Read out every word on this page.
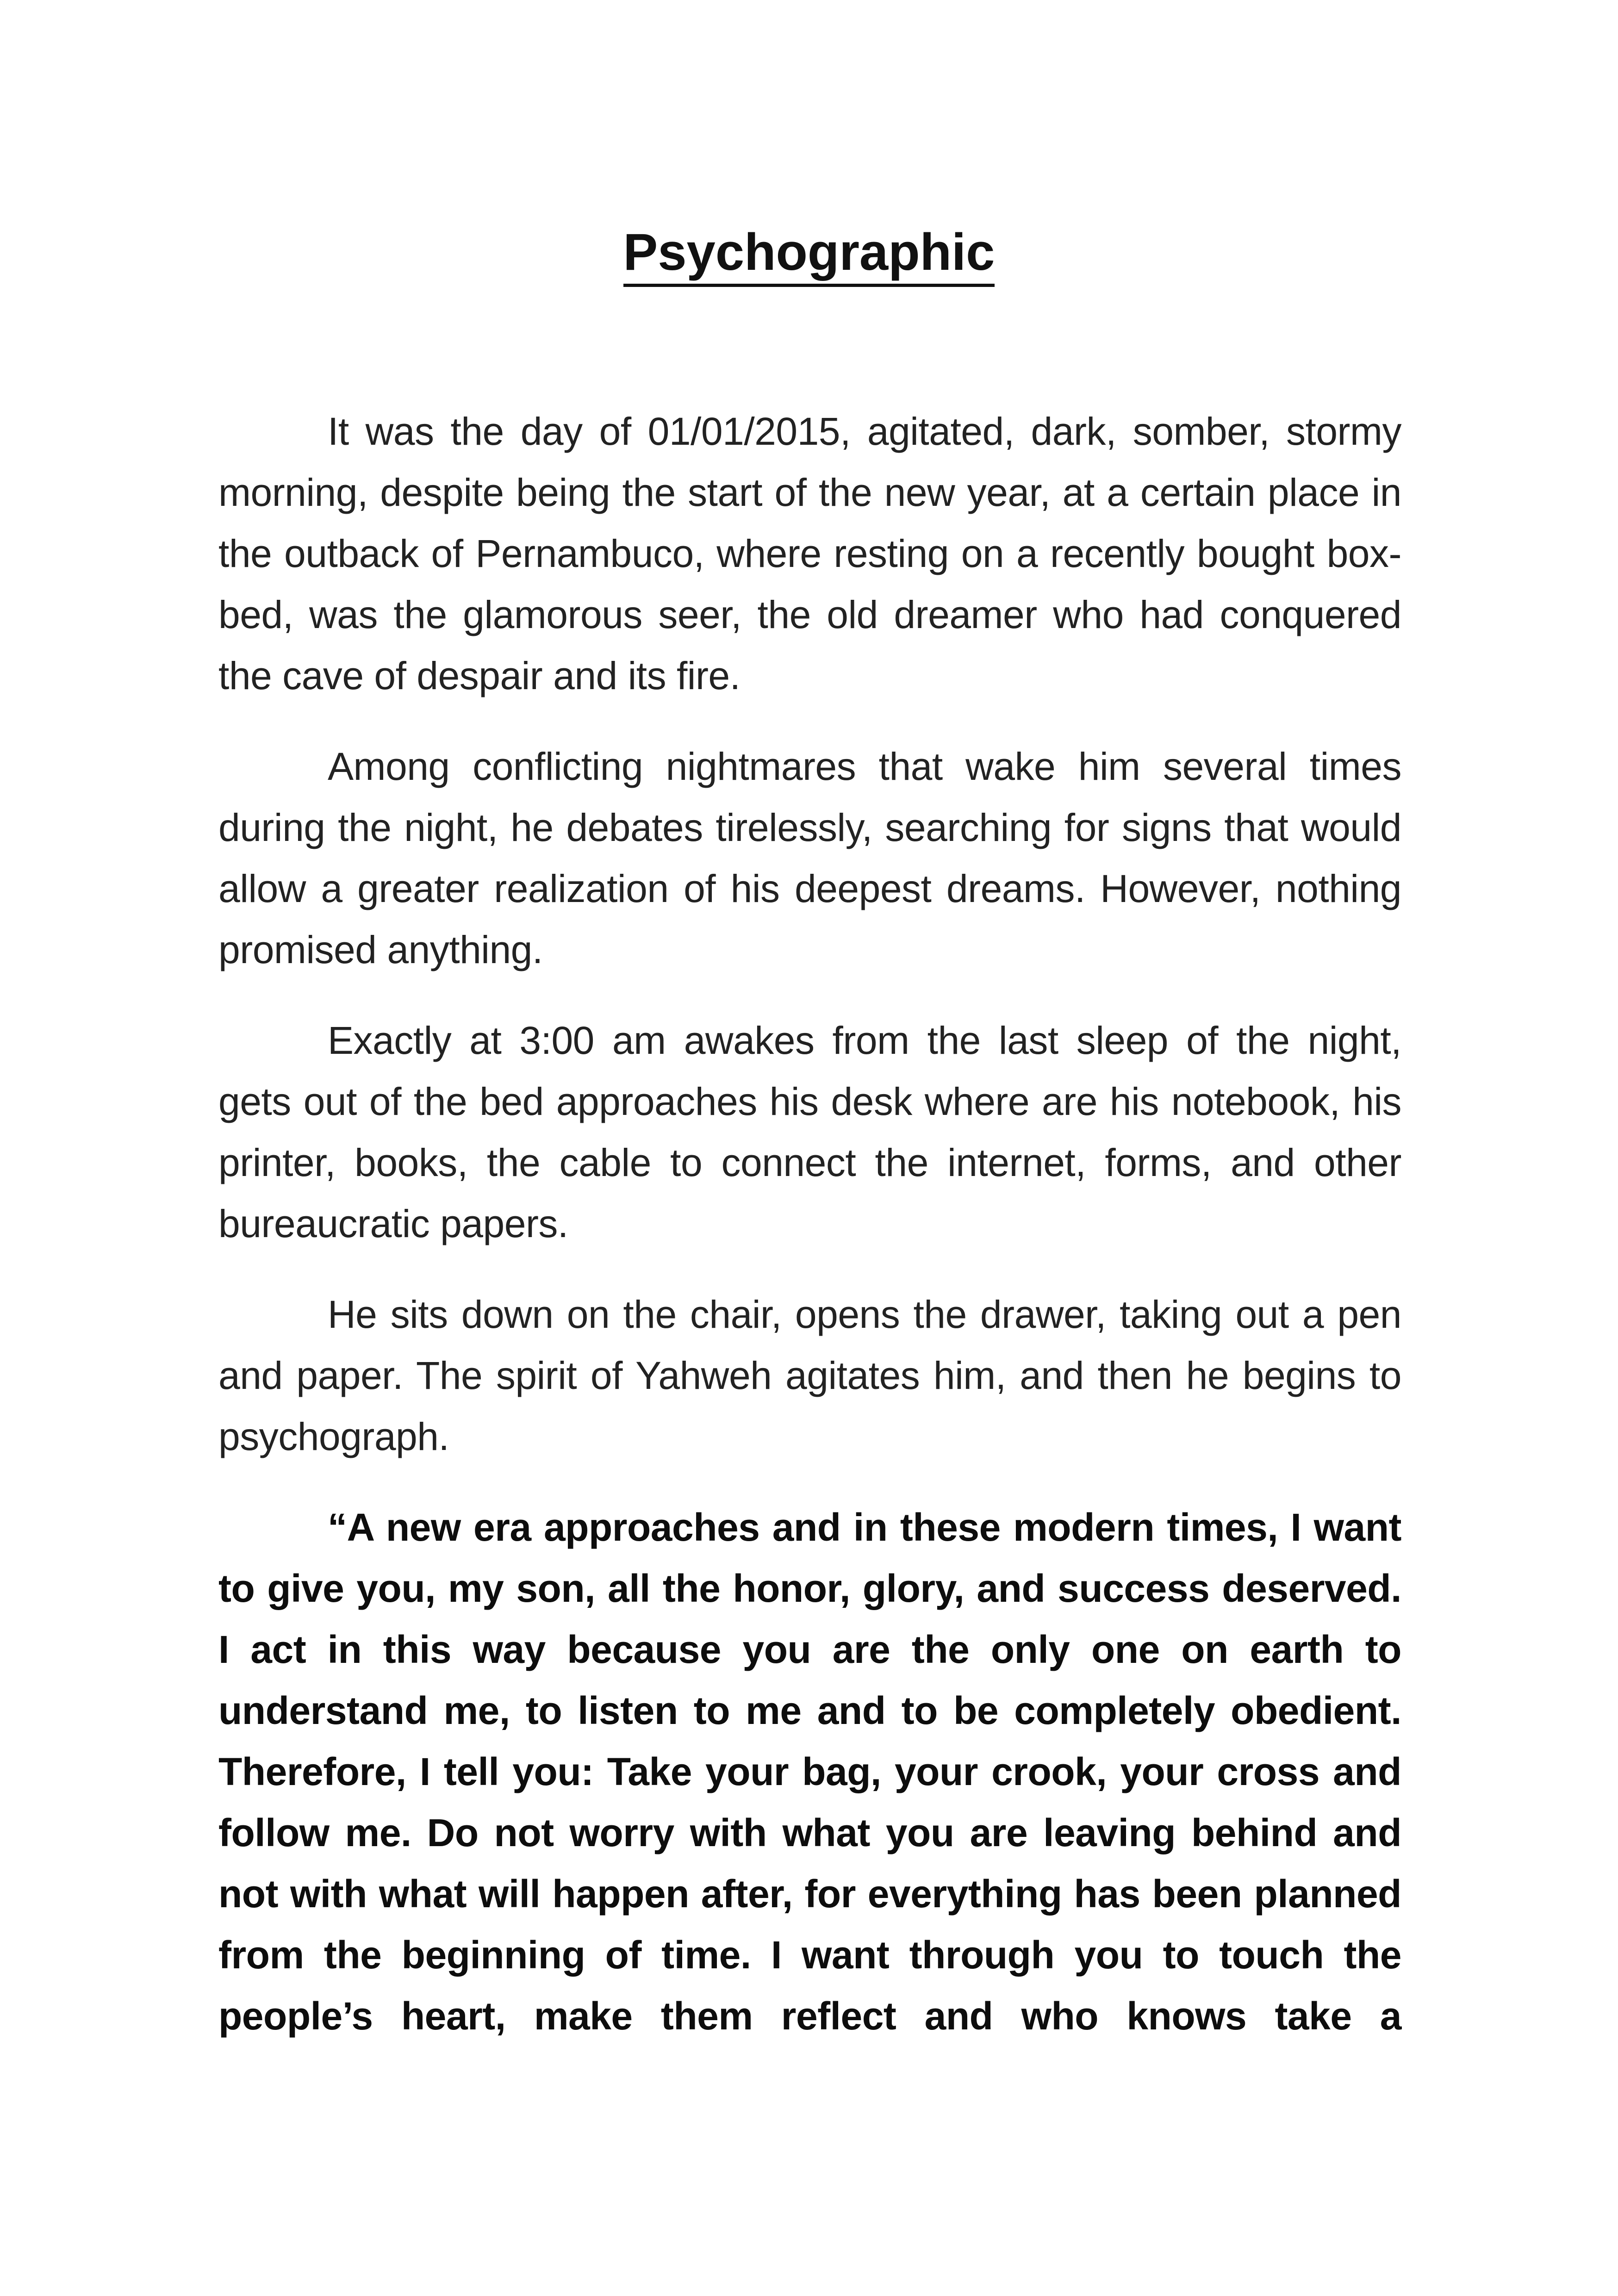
Psychographic

It was the day of 01/01/2015, agitated, dark, somber, stormy morning, despite being the start of the new year, at a certain place in the outback of Pernambuco, where resting on a recently bought box-bed, was the glamorous seer, the old dreamer who had conquered the cave of despair and its fire.

Among conflicting nightmares that wake him several times during the night, he debates tirelessly, searching for signs that would allow a greater realization of his deepest dreams. However, nothing promised anything.

Exactly at 3:00 am awakes from the last sleep of the night, gets out of the bed approaches his desk where are his notebook, his printer, books, the cable to connect the internet, forms, and other bureaucratic papers.

He sits down on the chair, opens the drawer, taking out a pen and paper. The spirit of Yahweh agitates him, and then he begins to psychograph.

“A new era approaches and in these modern times, I want to give you, my son, all the honor, glory, and success deserved. I act in this way because you are the only one on earth to understand me, to listen to me and to be completely obedient. Therefore, I tell you: Take your bag, your crook, your cross and follow me. Do not worry with what you are leaving behind and not with what will happen after, for everything has been planned from the beginning of time. I want through you to touch the people’s heart, make them reflect and who knows take a
